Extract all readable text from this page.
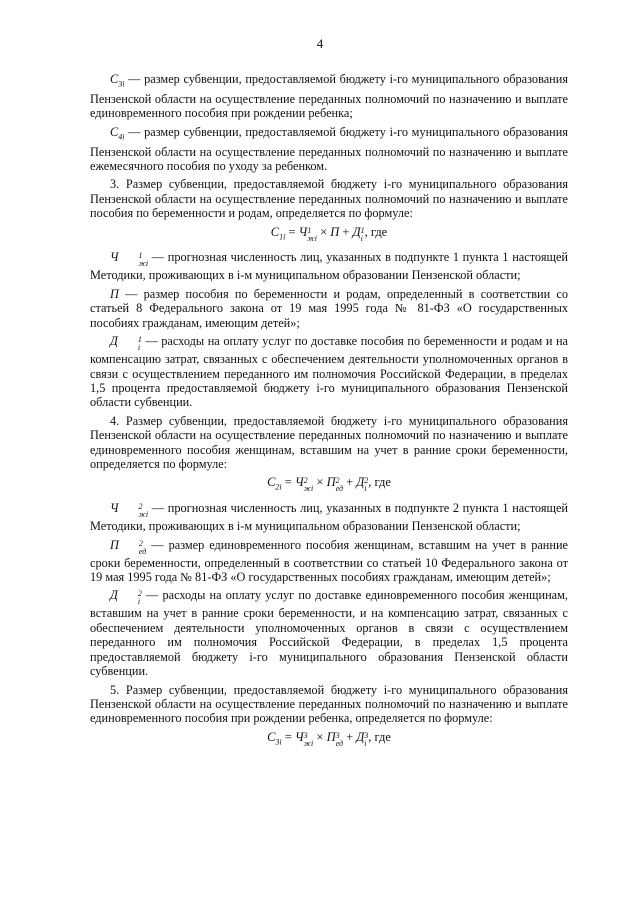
4

$C_{3i}$ — размер субвенции, предоставляемой бюджету i-го муниципального образования Пензенской области на осуществление переданных полномочий по назначению и выплате единовременного пособия при рождении ребенка;

$C_{4i}$ — размер субвенции, предоставляемой бюджету i-го муниципального образования Пензенской области на осуществление переданных полномочий по назначению и выплате ежемесячного пособия по уходу за ребенком.

3. Размер субвенции, предоставляемой бюджету i-го муниципального образования Пензенской области на осуществление переданных полномочий по назначению и выплате пособия по беременности и родам, определяется по формуле:

$C_{1i} = Ч$ 1
жi × П + Д 1
i , где

Ч	1
жi — прогнозная численность лиц, указанных в подпункте 1 пункта 1 настоящей Методики, проживающих в i-м муниципальном образовании Пензенской области;

П — размер пособия по беременности и родам, определенный в соответствии со статьей 8 Федерального закона от 19 мая 1995 года № 81-ФЗ «О государственных пособиях гражданам, имеющим детей»;

Д	1
i — расходы на оплату услуг по доставке пособия по беременности и родам и на компенсацию затрат, связанных с обеспечением деятельности уполномоченных органов в связи с осуществлением переданного им полномочия Российской Федерации, в пределах 1,5 процента предоставляемой бюджету i-го муниципального образования Пензенской области субвенции.

4. Размер субвенции, предоставляемой бюджету i-го муниципального образования Пензенской области на осуществление переданных полномочий по назначению и выплате единовременного пособия женщинам, вставшим на учет в ранние сроки беременности, определяется по формуле:

$C_{2i} = Ч$ 2
жi × П 2
ед + Д 2
i , где

Ч	2
жi — прогнозная численность лиц, указанных в подпункте 2 пункта 1 настоящей Методики, проживающих в i-м муниципальном образовании Пензенской области;

П	2
ед — размер единовременного пособия женщинам, вставшим на учет в ранние сроки беременности, определенный в соответствии со статьей 10 Федерального закона от 19 мая 1995 года № 81-ФЗ «О государственных пособиях гражданам, имеющим детей»;

Д	2
i — расходы на оплату услуг по доставке единовременного пособия женщинам, вставшим на учет в ранние сроки беременности, и на компенсацию затрат, связанных с обеспечением деятельности уполномоченных органов в связи с осуществлением переданного им полномочия Российской Федерации, в пределах 1,5 процента предоставляемой бюджету i-го муниципального образования Пензенской области субвенции.

5. Размер субвенции, предоставляемой бюджету i-го муниципального образования Пензенской области на осуществление переданных полномочий по назначению и выплате единовременного пособия при рождении ребенка, определяется по формуле:

$C_{3i} = Ч$ 3
жi × П 3
ед + Д 3
i , где
